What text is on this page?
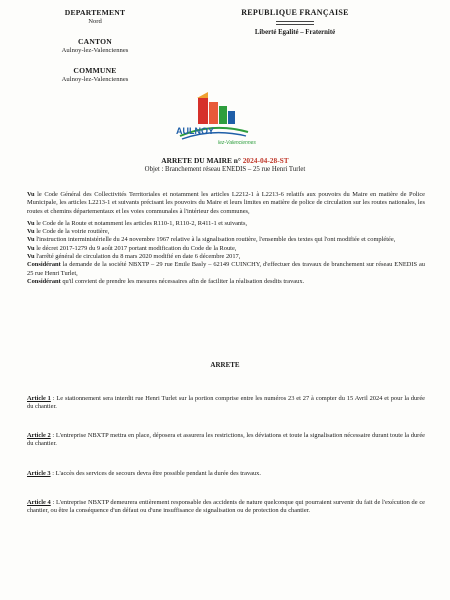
DEPARTEMENT
Nord
CANTON
Aulnoy-lez-Valenciennes
COMMUNE
Aulnoy-lez-Valenciennes
REPUBLIQUE FRANÇAISE
Liberté Egalité – Fraternité
AULNOY
lez-Valenciennes
ARRETE DU MAIRE n° 2024-04-28-ST
Objet : Branchement réseau ENEDIS – 25 rue Henri Turlet

Vu le Code Général des Collectivités Territoriales et notamment les articles L2212-1 à L2213-6 relatifs aux pouvoirs du Maire en matière de Police Municipale, les articles L2213-1 et suivants précisant les pouvoirs du Maire et leurs limites en matière de police de circulation sur les routes nationales, les routes et chemins départementaux et les voies communales à l'intérieur des communes,

Vu le Code de la Route et notamment les articles R110-1, R110-2, R411-1 et suivants,

Vu le Code de la voirie routière,

Vu l'instruction interministérielle du 24 novembre 1967 relative à la signalisation routière, l'ensemble des textes qui l'ont modifiée et complétée,

Vu le décret 2017-1279 du 9 août 2017 portant modification du Code de la Route,

Vu l'arrêté général de circulation du 8 mars 2020 modifié en date 6 décembre 2017,

Considérant la demande de la société NBXTP – 29 rue Emile Basly – 62149 CUINCHY, d'effectuer des travaux de branchement sur réseau ENEDIS au 25 rue Henri Turlet,

Considérant qu'il convient de prendre les mesures nécessaires afin de faciliter la réalisation desdits travaux.

ARRETE
Article 1 : Le stationnement sera interdit rue Henri Turlet sur la portion comprise entre les numéros 23 et 27 à compter du 15 Avril 2024 et pour la durée du chantier.
Article 2 : L'entreprise NBXTP mettra en place, déposera et assurera les restrictions, les déviations et toute la signalisation nécessaire durant toute la durée du chantier.
Article 3 : L'accès des services de secours devra être possible pendant la durée des travaux.
Article 4 : L'entreprise NBXTP demeurera entièrement responsable des accidents de nature quelconque qui pourraient survenir du fait de l'exécution de ce chantier, ou être la conséquence d'un défaut ou d'une insuffisance de signalisation ou de protection du chantier.
